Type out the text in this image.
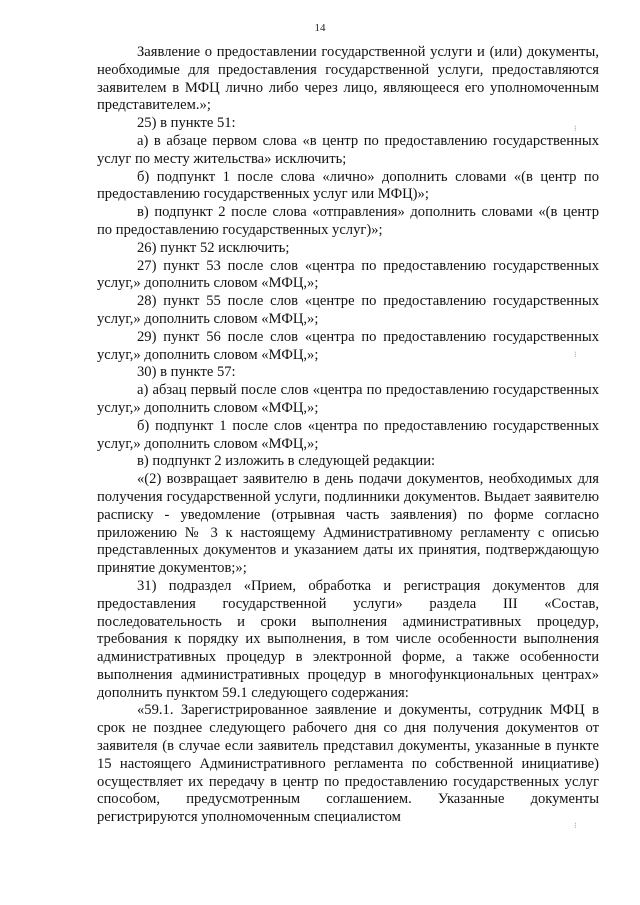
14

Заявление о предоставлении государственной услуги и (или) документы, необходимые для предоставления государственной услуги, предоставляются заявителем в МФЦ лично либо через лицо, являющееся его уполномоченным представителем.»;

25) в пункте 51:

а) в абзаце первом слова «в центр по предоставлению государственных услуг по месту жительства» исключить;

б) подпункт 1 после слова «лично» дополнить словами «(в центр по предоставлению государственных услуг или МФЦ)»;

в) подпункт 2 после слова «отправления» дополнить словами «(в центр по предоставлению государственных услуг)»;

26) пункт 52 исключить;

27) пункт 53 после слов «центра по предоставлению государственных услуг,» дополнить словом «МФЦ,»;

28) пункт 55 после слов «центре по предоставлению государственных услуг,» дополнить словом «МФЦ,»;

29) пункт 56 после слов «центра по предоставлению государственных услуг,» дополнить словом «МФЦ,»;

30) в пункте 57:

а) абзац первый после слов «центра по предоставлению государственных услуг,» дополнить словом «МФЦ,»;

б) подпункт 1 после слов «центра по предоставлению государственных услуг,» дополнить словом «МФЦ,»;

в) подпункт 2 изложить в следующей редакции:

«(2) возвращает заявителю в день подачи документов, необходимых для получения государственной услуги, подлинники документов. Выдает заявителю расписку - уведомление (отрывная часть заявления) по форме согласно приложению № 3 к настоящему Административному регламенту с описью представленных документов и указанием даты их принятия, подтверждающую принятие документов;»;

31) подраздел «Прием, обработка и регистрация документов для предоставления государственной услуги» раздела III «Состав, последовательность и сроки выполнения административных процедур, требования к порядку их выполнения, в том числе особенности выполнения административных процедур в электронной форме, а также особенности выполнения административных процедур в многофункциональных центрах» дополнить пунктом 59.1 следующего содержания:

«59.1. Зарегистрированное заявление и документы, сотрудник МФЦ в срок не позднее следующего рабочего дня со дня получения документов от заявителя (в случае если заявитель представил документы, указанные в пункте 15 настоящего Административного регламента по собственной инициативе) осуществляет их передачу в центр по предоставлению государственных услуг способом, предусмотренным соглашением. Указанные документы регистрируются уполномоченным специалистом

⁝
⁝
⁝
